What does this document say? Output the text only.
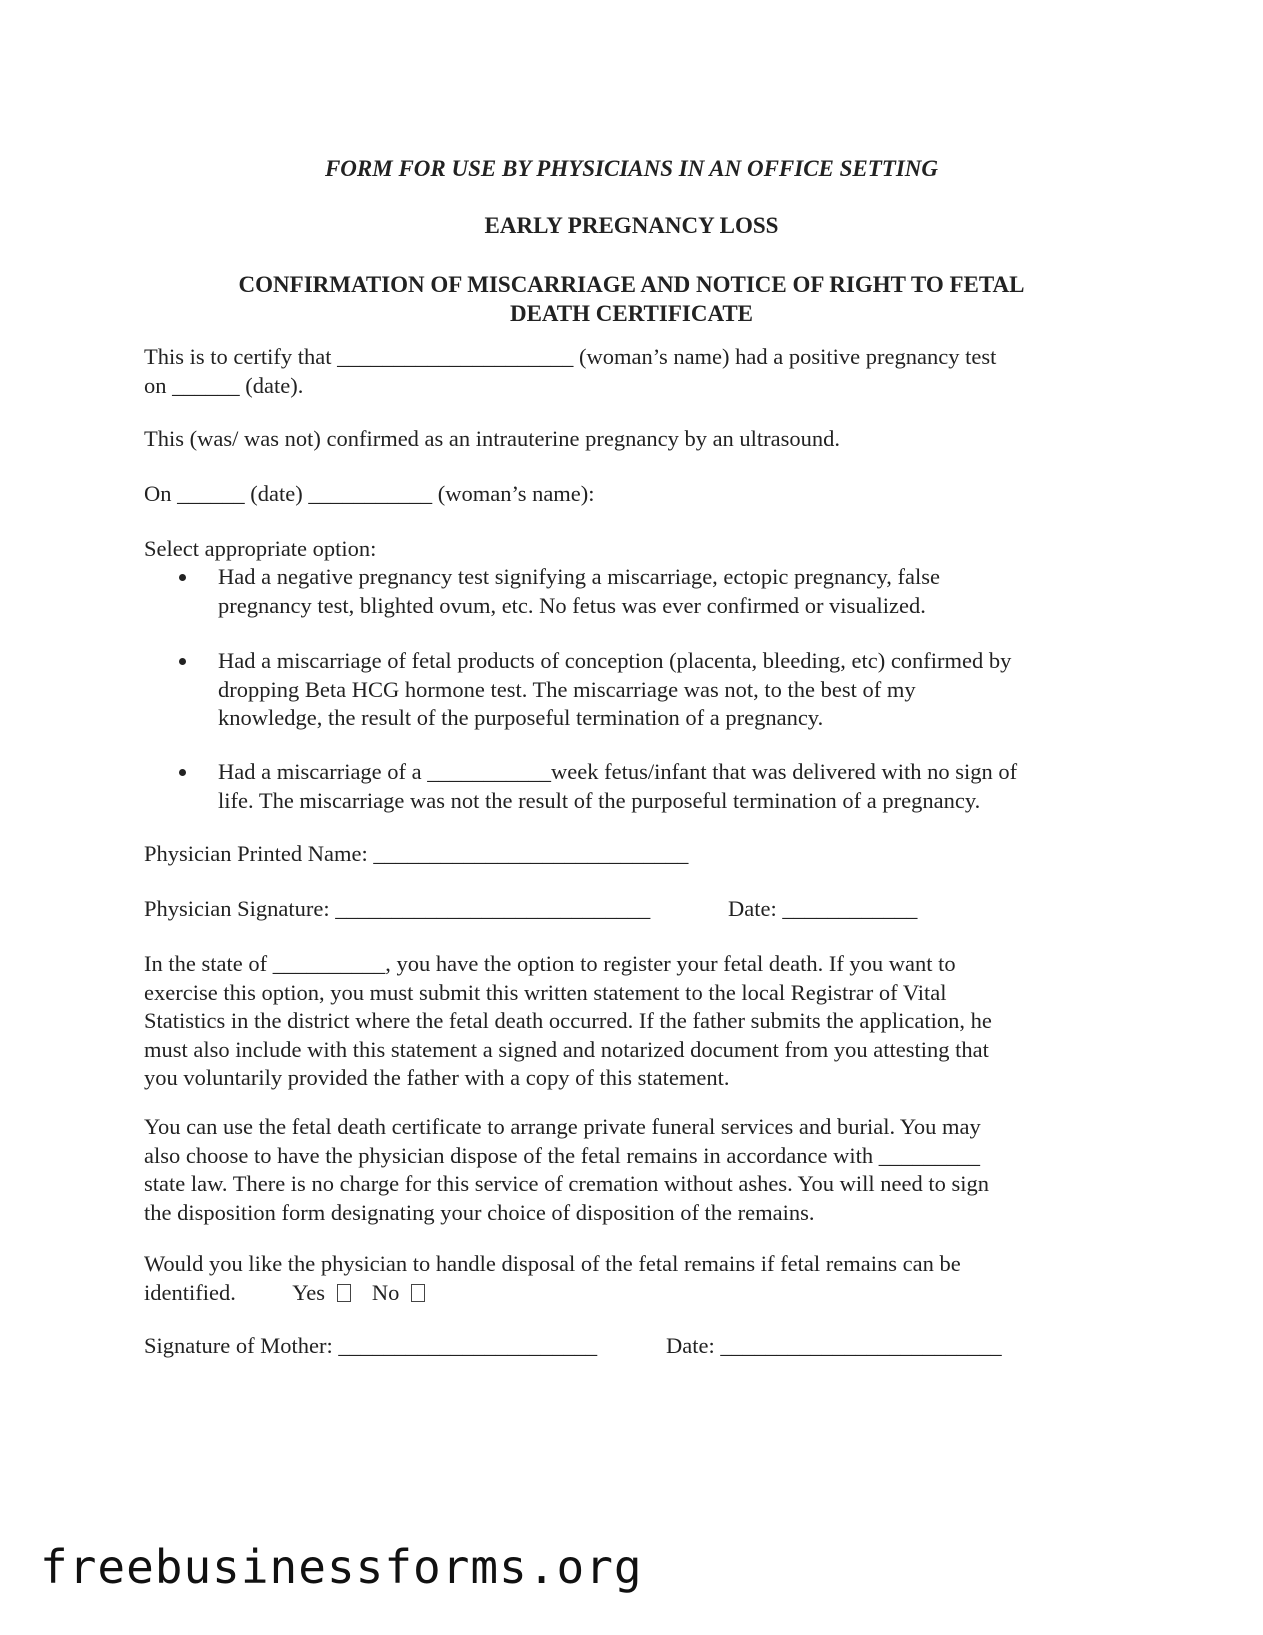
FORM FOR USE BY PHYSICIANS IN AN OFFICE SETTING
EARLY PREGNANCY LOSS
CONFIRMATION OF MISCARRIAGE AND NOTICE OF RIGHT TO FETAL DEATH CERTIFICATE
This is to certify that _____________________ (woman’s name) had a positive pregnancy test
on ______ (date).
This (was/ was not) confirmed as an intrauterine pregnancy by an ultrasound.
On ______ (date) ___________ (woman’s name):
Select appropriate option:
Had a negative pregnancy test signifying a miscarriage, ectopic pregnancy, false
pregnancy test, blighted ovum, etc. No fetus was ever confirmed or visualized.
Had a miscarriage of fetal products of conception (placenta, bleeding, etc) confirmed by
dropping Beta HCG hormone test. The miscarriage was not, to the best of my
knowledge, the result of the purposeful termination of a pregnancy.
Had a miscarriage of a ___________week fetus/infant that was delivered with no sign of
life. The miscarriage was not the result of the purposeful termination of a pregnancy.
Physician Printed Name: ____________________________
Physician Signature: ____________________________	Date: ____________
In the state of __________, you have the option to register your fetal death. If you want to
exercise this option, you must submit this written statement to the local Registrar of Vital
Statistics in the district where the fetal death occurred. If the father submits the application, he
must also include with this statement a signed and notarized document from you attesting that
you voluntarily provided the father with a copy of this statement.
You can use the fetal death certificate to arrange private funeral services and burial. You may
also choose to have the physician dispose of the fetal remains in accordance with _________
state law. There is no charge for this service of cremation without ashes. You will need to sign
the disposition form designating your choice of disposition of the remains.
Would you like the physician to handle disposal of the fetal remains if fetal remains can be
identified.	Yes No
Signature of Mother: _______________________	Date: _________________________
freebusinessforms.org
